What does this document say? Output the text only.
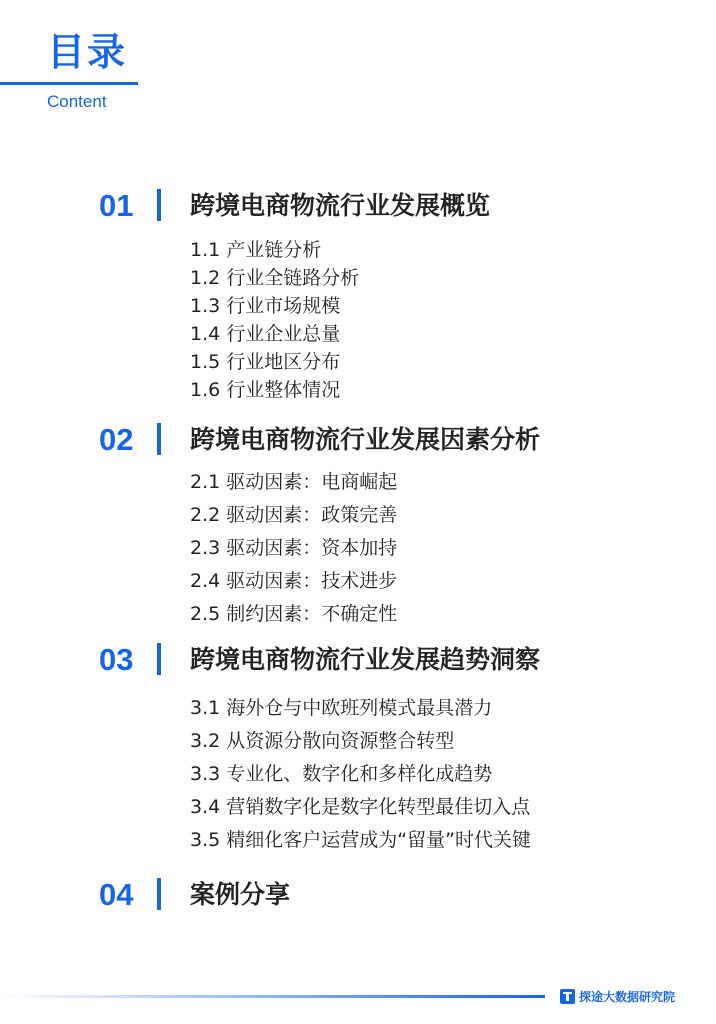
目录
Content
01 跨境电商物流行业发展概览
1.1 产业链分析
1.2 行业全链路分析
1.3 行业市场规模
1.4 行业企业总量
1.5 行业地区分布
1.6 行业整体情况
02 跨境电商物流行业发展因素分析
2.1 驱动因素：电商崛起
2.2 驱动因素：政策完善
2.3 驱动因素：资本加持
2.4 驱动因素：技术进步
2.5 制约因素：不确定性
03 跨境电商物流行业发展趋势洞察
3.1 海外仓与中欧班列模式最具潜力
3.2 从资源分散向资源整合转型
3.3 专业化、数字化和多样化成趋势
3.4 营销数字化是数字化转型最佳切入点
3.5 精细化客户运营成为“留量”时代关键
04 案例分享
探途大数据研究院
